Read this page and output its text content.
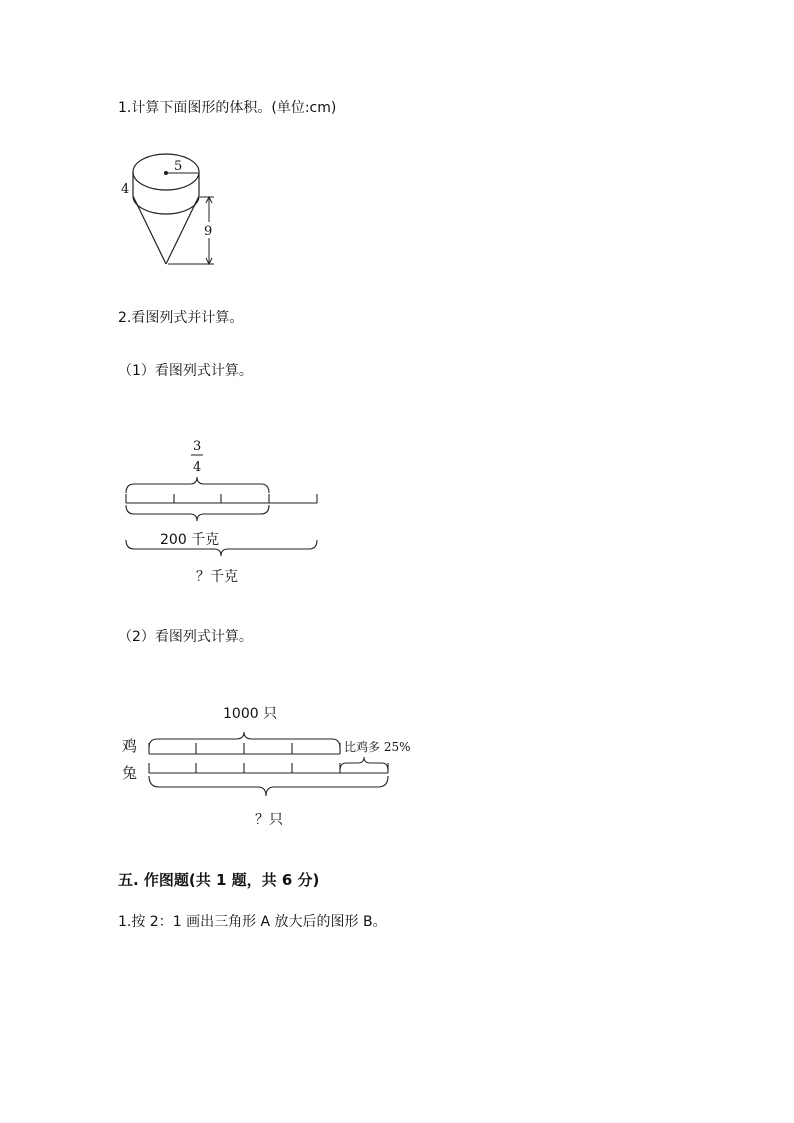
1.计算下面图形的体积。(单位:cm)
5
4
9
2.看图列式并计算。
（1）看图列式计算。
3
4
200 千克
？千克
（2）看图列式计算。
1000 只
鸡	比鸡多 25%
兔
？只
五. 作图题(共 1 题，共 6 分)
1.按 2：1 画出三角形 A 放大后的图形 B。
